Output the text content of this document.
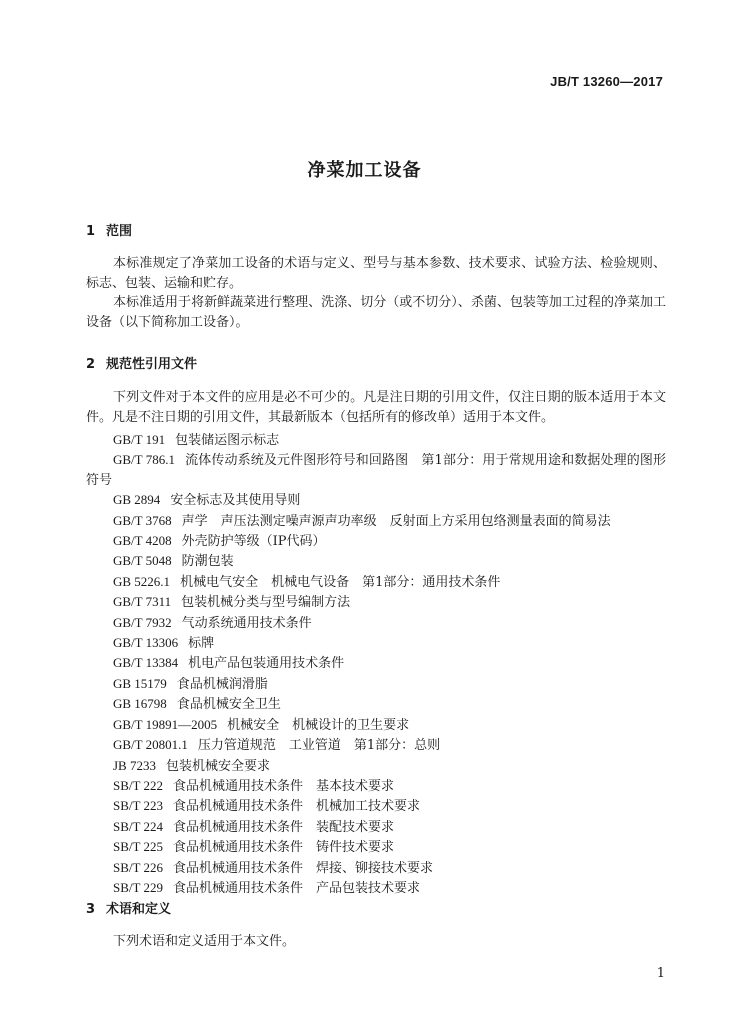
JB/T 13260—2017
净菜加工设备
1 范围
本标准规定了净菜加工设备的术语与定义、型号与基本参数、技术要求、试验方法、检验规则、标志、包装、运输和贮存。
本标准适用于将新鲜蔬菜进行整理、洗涤、切分（或不切分）、杀菌、包装等加工过程的净菜加工设备（以下简称加工设备）。
2 规范性引用文件
下列文件对于本文件的应用是必不可少的。凡是注日期的引用文件，仅注日期的版本适用于本文件。凡是不注日期的引用文件，其最新版本（包括所有的修改单）适用于本文件。
GB/T 191 包装储运图示标志
GB/T 786.1 流体传动系统及元件图形符号和回路图　第1部分：用于常规用途和数据处理的图形符号
GB 2894 安全标志及其使用导则
GB/T 3768 声学　声压法测定噪声源声功率级　反射面上方采用包络测量表面的简易法
GB/T 4208 外壳防护等级（IP代码）
GB/T 5048 防潮包装
GB 5226.1 机械电气安全　机械电气设备　第1部分：通用技术条件
GB/T 7311 包装机械分类与型号编制方法
GB/T 7932 气动系统通用技术条件
GB/T 13306 标牌
GB/T 13384 机电产品包装通用技术条件
GB 15179 食品机械润滑脂
GB 16798 食品机械安全卫生
GB/T 19891—2005 机械安全　机械设计的卫生要求
GB/T 20801.1 压力管道规范　工业管道　第1部分：总则
JB 7233 包装机械安全要求
SB/T 222 食品机械通用技术条件　基本技术要求
SB/T 223 食品机械通用技术条件　机械加工技术要求
SB/T 224 食品机械通用技术条件　装配技术要求
SB/T 225 食品机械通用技术条件　铸件技术要求
SB/T 226 食品机械通用技术条件　焊接、铆接技术要求
SB/T 229 食品机械通用技术条件　产品包装技术要求
3 术语和定义
下列术语和定义适用于本文件。
1
